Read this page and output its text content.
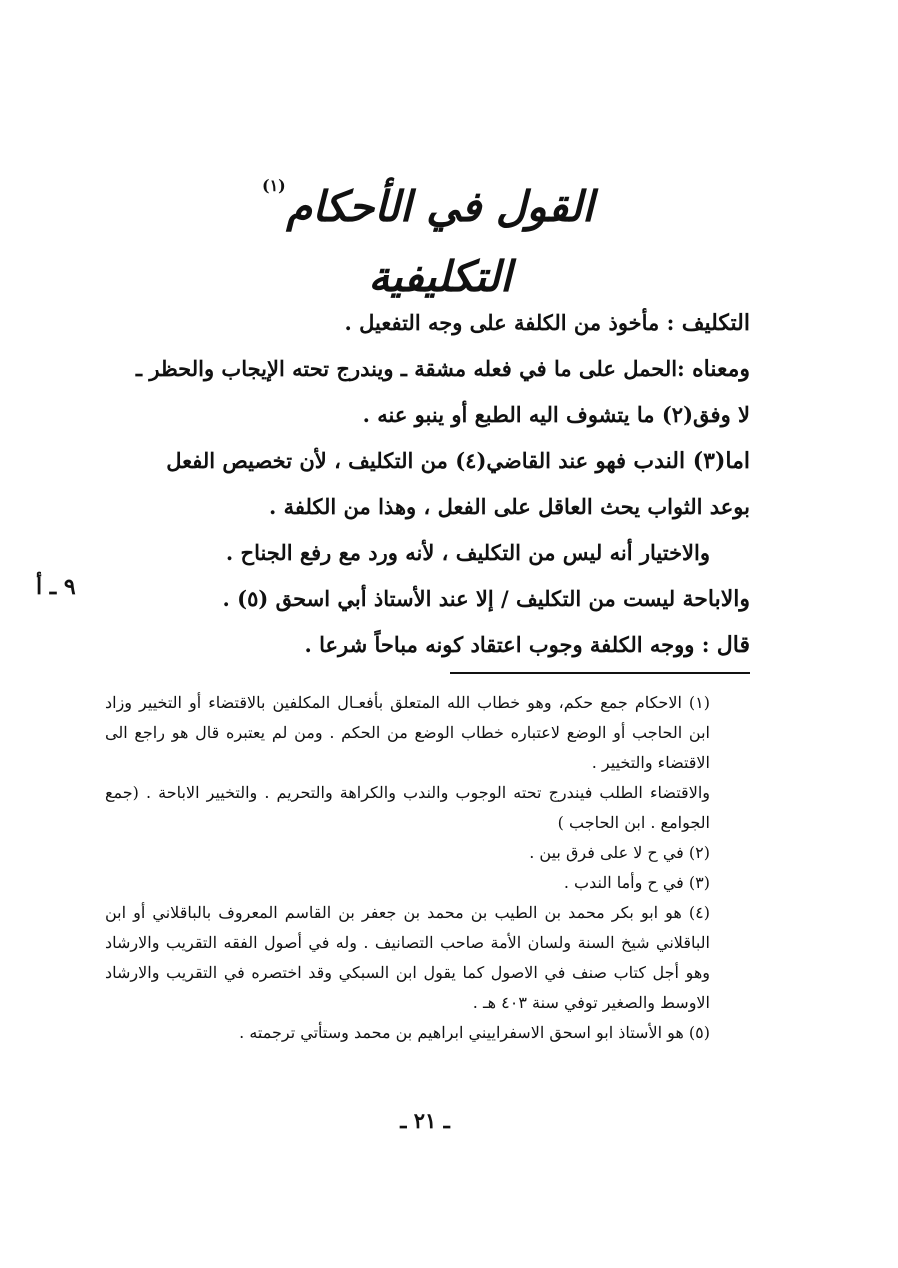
القول في الأحكام التكليفية
(١)

التكليف : مأخوذ من الكلفة على وجه التفعيل .

ومعناه :الحمل على ما في فعله مشقة ـ ويندرج تحته الإيجاب والحظر ـ

لا وفق(٢) ما يتشوف اليه الطبع أو ينبو عنه .

اما(٣) الندب فهو عند القاضي(٤) من التكليف ، لأن تخصيص الفعل

بوعد الثواب يحث العاقل على الفعل ، وهذا من الكلفة .

والاختيار أنه ليس من التكليف ، لأنه ورد مع رفع الجناح .

والاباحة ليست من التكليف / إلا عند الأستاذ أبي اسحق (٥) .

قال : ووجه الكلفة وجوب اعتقاد كونه مباحاً شرعا .

٩ ـ أ

(١) الاحكام جمع حكم، وهو خطاب الله المتعلق بأفعـال المكلفين بالاقتضاء أو التخيير وزاد ابن الحاجب أو الوضع لاعتباره خطاب الوضع من الحكم . ومن لم يعتبره قال هو راجع الى الاقتضاء والتخيير .

والاقتضاء الطلب فيندرج تحته الوجوب والندب والكراهة والتحريم . والتخيير الاباحة . (جمع الجوامع . ابن الحاجب )

(٢) في ح لا على فرق بين .

(٣) في ح وأما الندب .

(٤) هو ابو بكر محمد بن الطيب بن محمد بن جعفر بن القاسم المعروف بالباقلاني أو ابن الباقلاني شيخ السنة ولسان الأمة صاحب التصانيف . وله في أصول الفقه التقريب والارشاد وهو أجل كتاب صنف في الاصول كما يقول ابن السبكي وقد اختصره في التقريب والارشاد الاوسط والصغير توفي سنة ٤٠٣ هـ .

(٥) هو الأستاذ ابو اسحق الاسفراييني ابراهيم بن محمد وستأتي ترجمته .

ـ ٢١ ـ
